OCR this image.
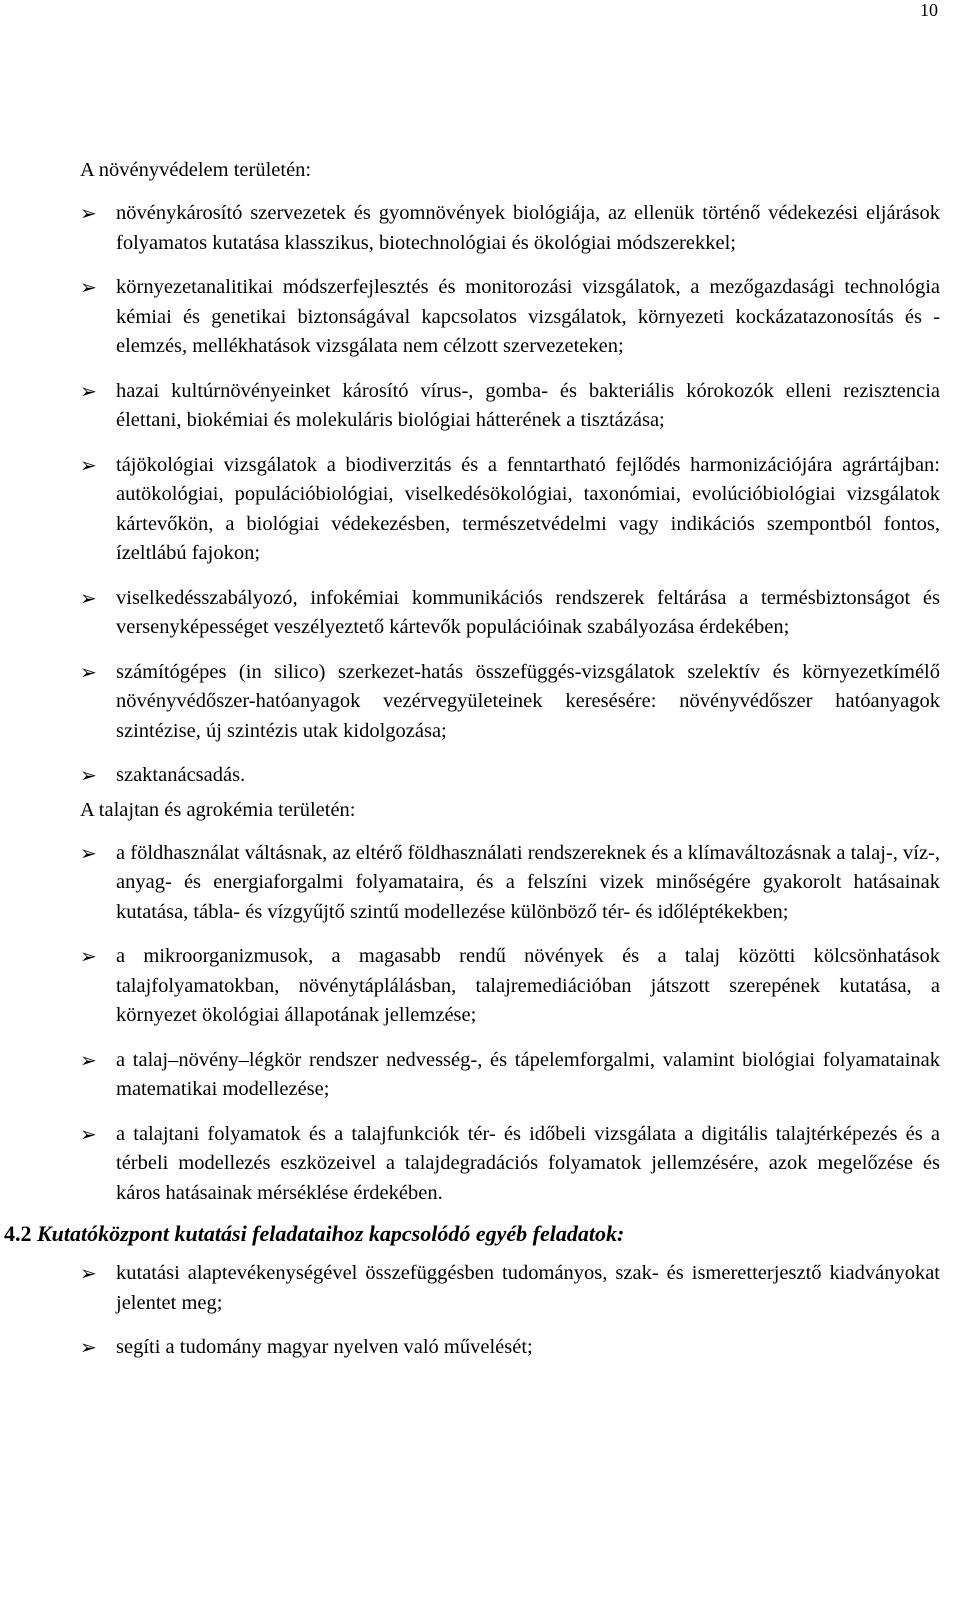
10

A növényvédelem területén:

➢ növénykárosító szervezetek és gyomnövények biológiája, az ellenük történő védekezési eljárások folyamatos kutatása klasszikus, biotechnológiai és ökológiai módszerekkel;
➢ környezetanalitikai módszerfejlesztés és monitorozási vizsgálatok, a mezőgazdasági technológia kémiai és genetikai biztonságával kapcsolatos vizsgálatok, környezeti kockázatazonosítás és -elemzés, mellékhatások vizsgálata nem célzott szervezeteken;
➢ hazai kultúrnövényeinket károsító vírus-, gomba- és bakteriális kórokozók elleni rezisztencia élettani, biokémiai és molekuláris biológiai hátterének a tisztázása;
➢ tájökológiai vizsgálatok a biodiverzitás és a fenntartható fejlődés harmonizációjára agrártájban: autökológiai, populációbiológiai, viselkedésökológiai, taxonómiai, evolúcióbiológiai vizsgálatok kártevőkön, a biológiai védekezésben, természetvédelmi vagy indikációs szempontból fontos, ízeltlábú fajokon;
➢ viselkedésszabályozó, infokémiai kommunikációs rendszerek feltárása a termésbiztonságot és versenyképességet veszélyeztető kártevők populációinak szabályozása érdekében;
➢ számítógépes (in silico) szerkezet-hatás összefüggés-vizsgálatok szelektív és környezetkímélő növényvédőszer-hatóanyagok vezérvegyületeinek keresésére: növényvédőszer hatóanyagok szintézise, új szintézis utak kidolgozása;
➢ szaktanácsadás.

A talajtan és agrokémia területén:

➢ a földhasználat váltásnak, az eltérő földhasználati rendszereknek és a klímaváltozásnak a talaj-, víz-, anyag- és energiaforgalmi folyamataira, és a felszíni vizek minőségére gyakorolt hatásainak kutatása, tábla- és vízgyűjtő szintű modellezése különböző tér- és időléptékekben;
➢ a mikroorganizmusok, a magasabb rendű növények és a talaj közötti kölcsönhatások talajfolyamatokban, növénytáplálásban, talajremediációban játszott szerepének kutatása, a környezet ökológiai állapotának jellemzése;
➢ a talaj–növény–légkör rendszer nedvesség-, és tápelemforgalmi, valamint biológiai folyamatainak matematikai modellezése;
➢ a talajtani folyamatok és a talajfunkciók tér- és időbeli vizsgálata a digitális talajtérképezés és a térbeli modellezés eszközeivel a talajdegradációs folyamatok jellemzésére, azok megelőzése és káros hatásainak mérséklése érdekében.
4.2 Kutatóközpont kutatási feladataihoz kapcsolódó egyéb feladatok:
➢ kutatási alaptevékenységével összefüggésben tudományos, szak- és ismeretterjesztő kiadványokat jelentet meg;
➢ segíti a tudomány magyar nyelven való művelését;
